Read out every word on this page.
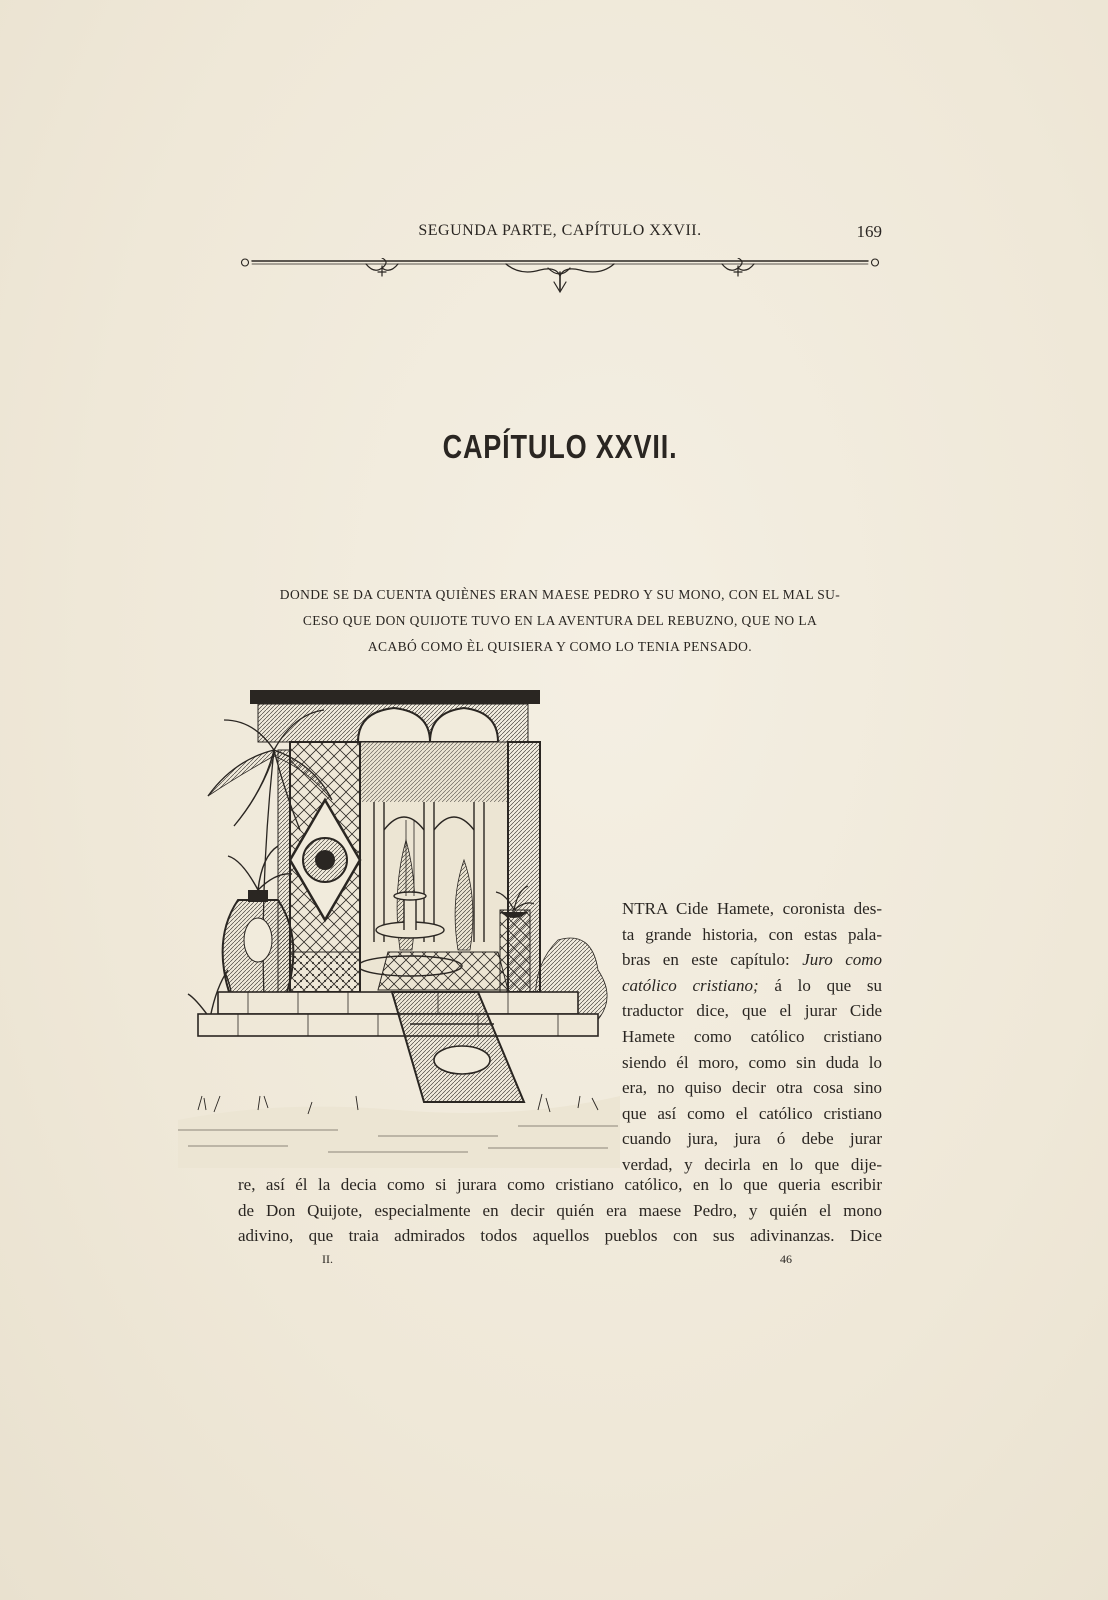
SEGUNDA PARTE, CAPÍTULO XXVII.	169
CAPÍTULO XXVII.
DONDE SE DA CUENTA QUIÈNES ERAN MAESE PEDRO Y SU MONO, CON EL MAL SU-
CESO QUE DON QUIJOTE TUVO EN LA AVENTURA DEL REBUZNO, QUE NO LA
ACABÓ COMO ÈL QUISIERA Y COMO LO TENIA PENSADO.
NTRA Cide Hamete, coronista des-
ta grande historia, con estas pala-
bras en este capítulo: Juro como
católico cristiano; á lo que su
traductor dice, que el jurar Cide
Hamete como católico cristiano
siendo él moro, como sin duda lo
era, no quiso decir otra cosa sino
que así como el católico cristiano
cuando jura, jura ó debe jurar
verdad, y decirla en lo que dije-
re, así él la decia como si jurara como cristiano católico, en lo que queria escribir
de Don Quijote, especialmente en decir quién era maese Pedro, y quién el mono
adivino, que traia admirados todos aquellos pueblos con sus adivinanzas. Dice
II.	46
